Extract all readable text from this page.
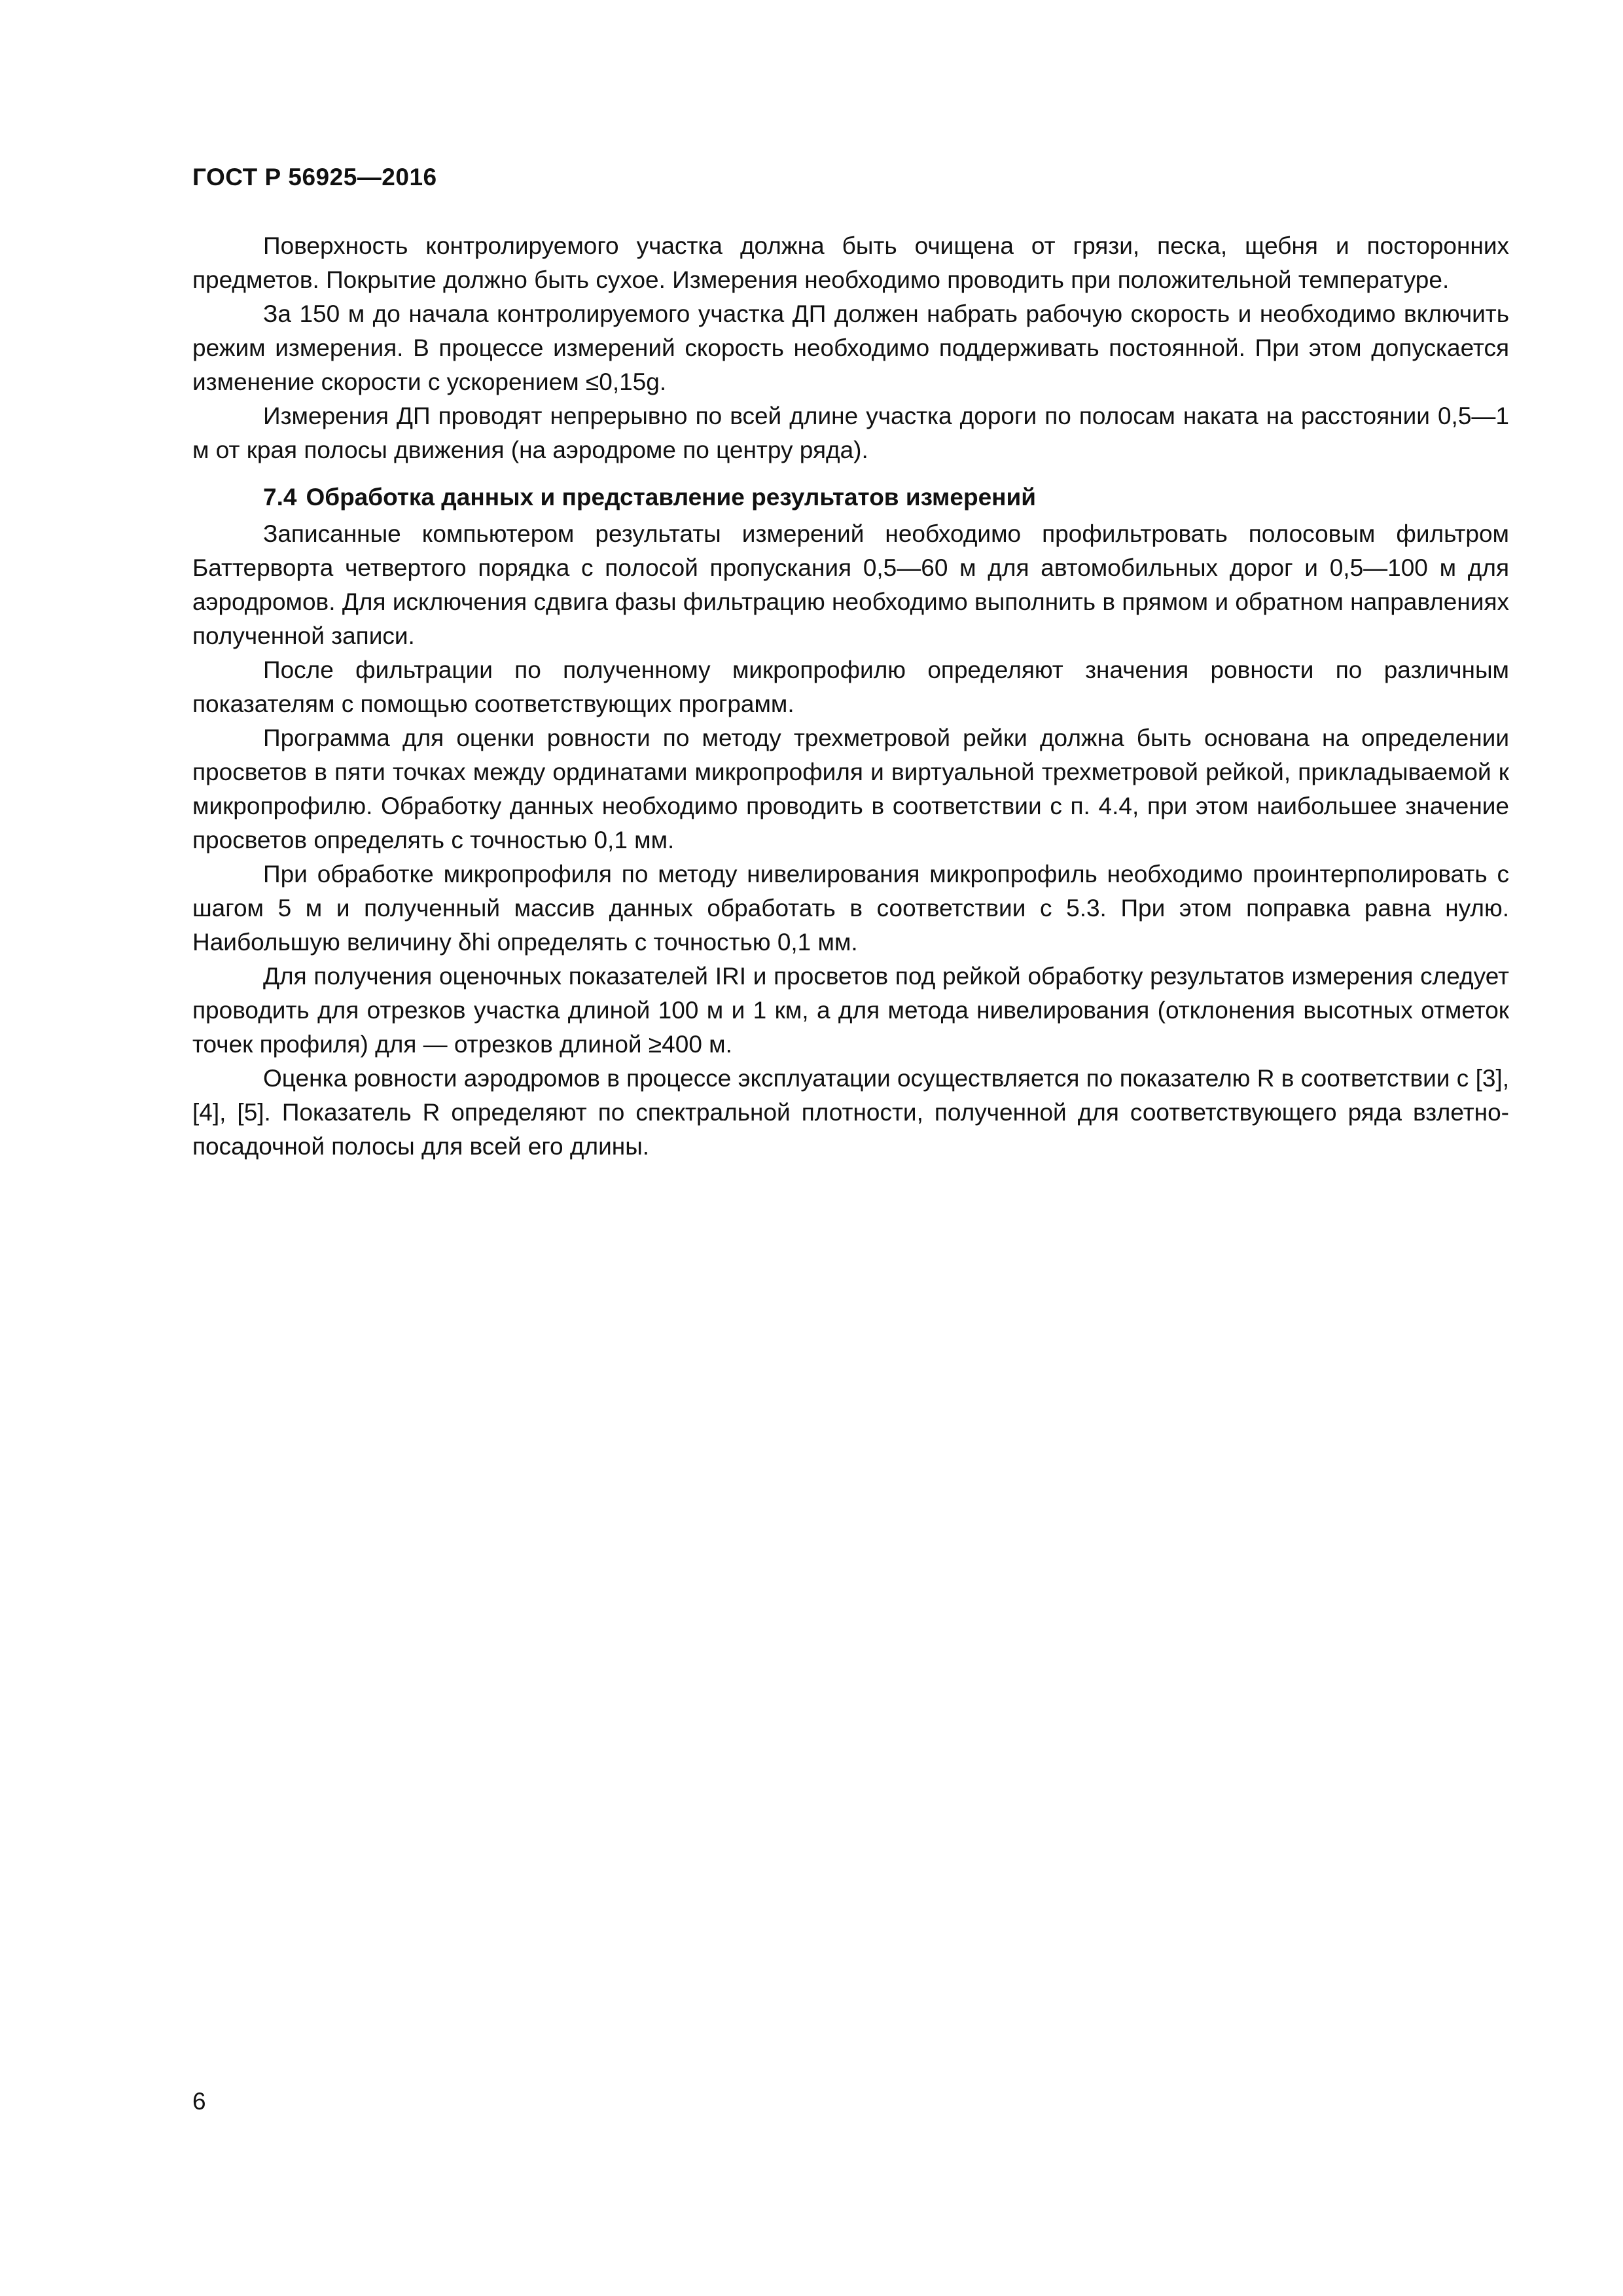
ГОСТ Р 56925—2016

Поверхность контролируемого участка должна быть очищена от грязи, песка, щебня и посторонних предметов. Покрытие должно быть сухое. Измерения необходимо проводить при положительной температуре.

За 150 м до начала контролируемого участка ДП должен набрать рабочую скорость и необходимо включить режим измерения. В процессе измерений скорость необходимо поддерживать постоянной. При этом допускается изменение скорости с ускорением ≤0,15g.

Измерения ДП проводят непрерывно по всей длине участка дороги по полосам наката на расстоянии 0,5—1 м от края полосы движения (на аэродроме по центру ряда).

7.4 Обработка данных и представление результатов измерений

Записанные компьютером результаты измерений необходимо профильтровать полосовым фильтром Баттерворта четвертого порядка с полосой пропускания 0,5—60 м для автомобильных дорог и 0,5—100 м для аэродромов. Для исключения сдвига фазы фильтрацию необходимо выполнить в прямом и обратном направлениях полученной записи.

После фильтрации по полученному микропрофилю определяют значения ровности по различным показателям с помощью соответствующих программ.

Программа для оценки ровности по методу трехметровой рейки должна быть основана на определении просветов в пяти точках между ординатами микропрофиля и виртуальной трехметровой рейкой, прикладываемой к микропрофилю. Обработку данных необходимо проводить в соответствии с п. 4.4, при этом наибольшее значение просветов определять с точностью 0,1 мм.

При обработке микропрофиля по методу нивелирования микропрофиль необходимо проинтерполировать с шагом 5 м и полученный массив данных обработать в соответствии с 5.3. При этом поправка равна нулю. Наибольшую величину δhi определять с точностью 0,1 мм.

Для получения оценочных показателей IRI и просветов под рейкой обработку результатов измерения следует проводить для отрезков участка длиной 100 м и 1 км, а для метода нивелирования (отклонения высотных отметок точек профиля) для — отрезков длиной ≥400 м.

Оценка ровности аэродромов в процессе эксплуатации осуществляется по показателю R в соответствии с [3], [4], [5]. Показатель R определяют по спектральной плотности, полученной для соответствующего ряда взлетно-посадочной полосы для всей его длины.

6
